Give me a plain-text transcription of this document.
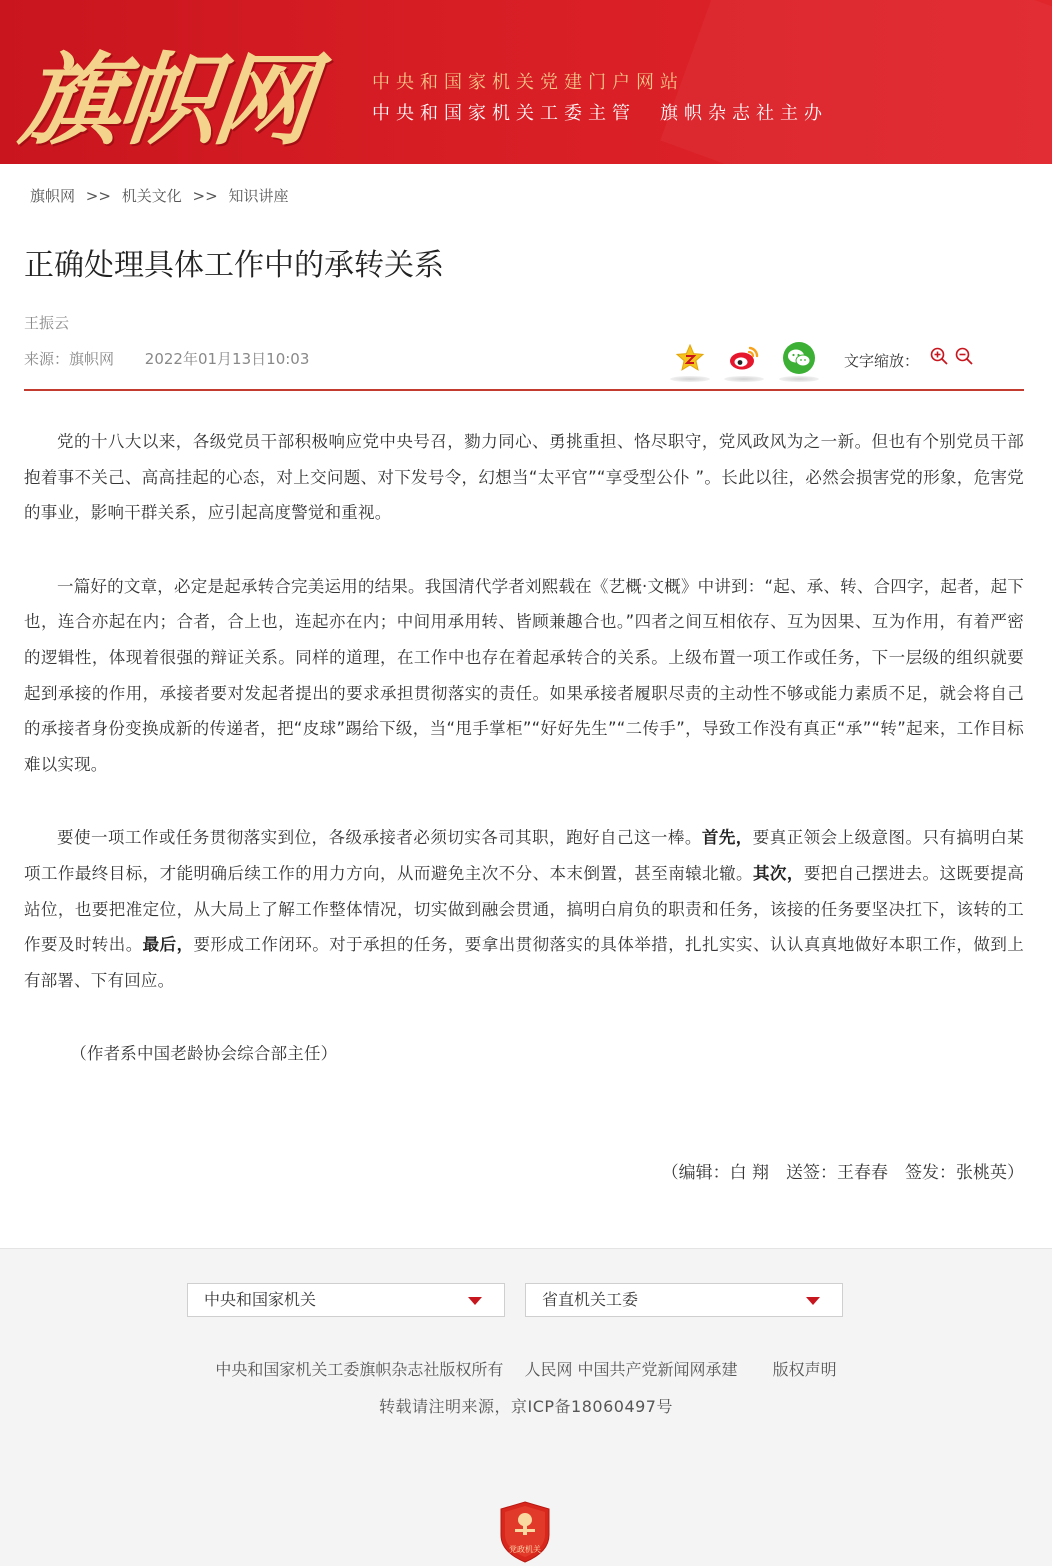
旗帜网	中央和国家机关党建门户网站
中央和国家机关工委主管　旗帜杂志社主办
旗帜网 >> 机关文化 >> 知识讲座
正确处理具体工作中的承转关系
王振云
来源：旗帜网 2022年01月13日10:03	文字缩放：

党的十八大以来，各级党员干部积极响应党中央号召，勠力同心、勇挑重担、恪尽职守，党风政风为之一新。但也有个别党员干部抱着事不关己、高高挂起的心态，对上交问题、对下发号令，幻想当“太平官”“享受型公仆 ”。长此以往，必然会损害党的形象，危害党的事业，影响干群关系，应引起高度警觉和重视。

一篇好的文章，必定是起承转合完美运用的结果。我国清代学者刘熙载在《艺概·文概》中讲到：“起、承、转、合四字，起者，起下也，连合亦起在内；合者，合上也，连起亦在内；中间用承用转、皆顾兼趣合也。”四者之间互相依存、互为因果、互为作用，有着严密的逻辑性，体现着很强的辩证关系。同样的道理，在工作中也存在着起承转合的关系。上级布置一项工作或任务，下一层级的组织就要起到承接的作用，承接者要对发起者提出的要求承担贯彻落实的责任。如果承接者履职尽责的主动性不够或能力素质不足，就会将自己的承接者身份变换成新的传递者，把“皮球”踢给下级，当“甩手掌柜”“好好先生”“二传手”，导致工作没有真正“承”“转”起来，工作目标难以实现。

要使一项工作或任务贯彻落实到位，各级承接者必须切实各司其职，跑好自己这一棒。首先，要真正领会上级意图。只有搞明白某项工作最终目标，才能明确后续工作的用力方向，从而避免主次不分、本末倒置，甚至南辕北辙。其次，要把自己摆进去。这既要提高站位，也要把准定位，从大局上了解工作整体情况，切实做到融会贯通，搞明白肩负的职责和任务，该接的任务要坚决扛下，该转的工作要及时转出。最后，要形成工作闭环。对于承担的任务，要拿出贯彻落实的具体举措，扎扎实实、认认真真地做好本职工作，做到上有部署、下有回应。

（作者系中国老龄协会综合部主任）

（编辑：白 翔　送签：王春春　签发：张桃英）
中央和国家机关	省直机关工委
中央和国家机关工委旗帜杂志社版权所有 人民网 中国共产党新闻网承建 版权声明
转载请注明来源，京ICP备18060497号
党政机关
